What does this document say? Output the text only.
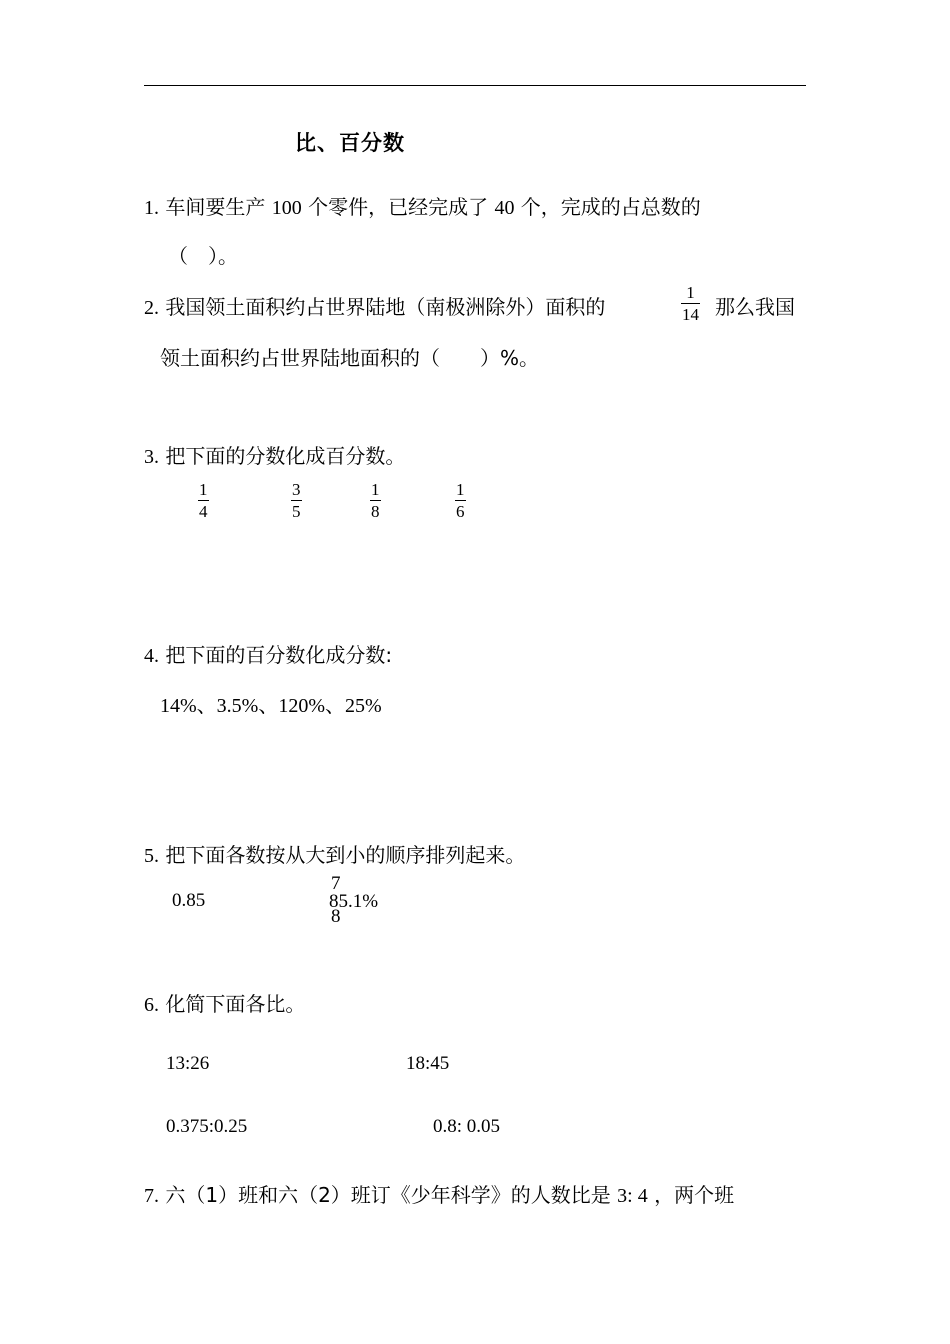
比、百分数
1. 车间要生产 100 个零件，已经完成了 40 个，完成的占总数的
（　）。
2. 我国领土面积约占世界陆地（南极洲除外）面积的
1
14 那么我国
领土面积约占世界陆地面积的（　　）%。
3. 把下面的分数化成百分数。
1
4
3
5
1
8
1
6
4. 把下面的百分数化成分数:
14%、3.5%、120%、25%
5. 把下面各数按从大到小的顺序排列起来。
0.85
7
8
85.1%
6. 化简下面各比。
13:26	18:45
0.375:0.25	0.8: 0.05
7. 六（1）班和六（2）班订《少年科学》的人数比是 3: 4 ，两个班
